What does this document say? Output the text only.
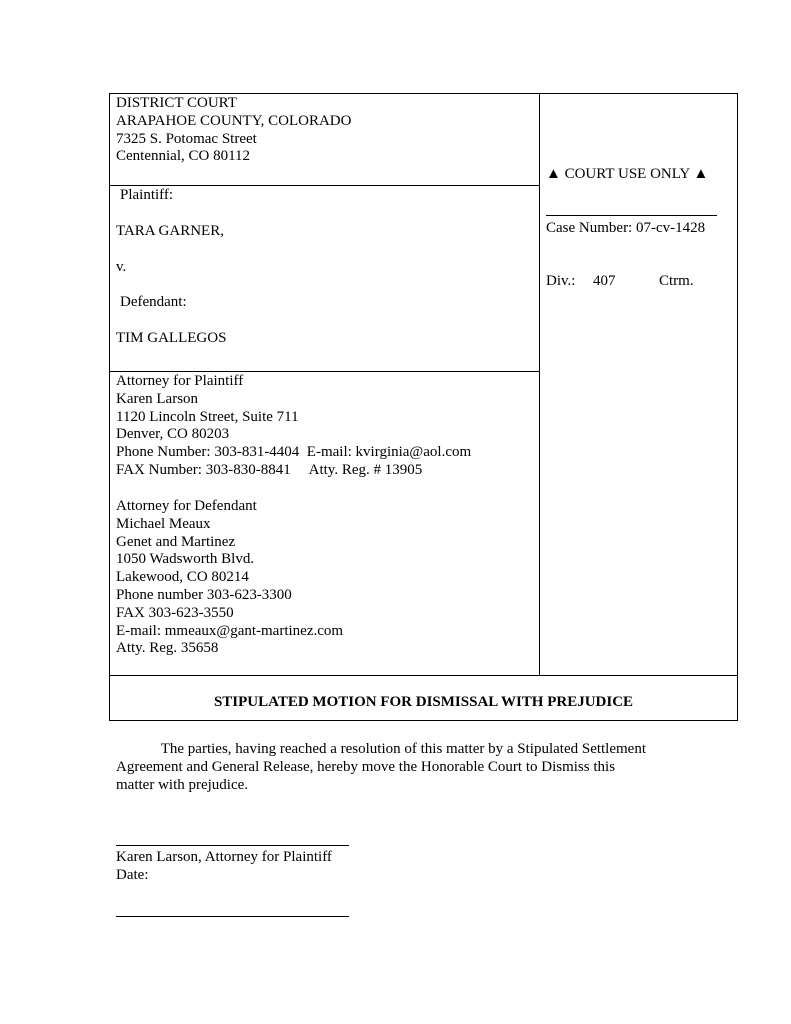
DISTRICT COURT
ARAPAHOE COUNTY, COLORADO
7325 S. Potomac Street
Centennial, CO 80112
▲ COURT USE ONLY ▲
Case Number: 07-cv-1428
Div.: 407	Ctrm.
Plaintiff:
TARA GARNER,
v.
Defendant:
TIM GALLEGOS
Attorney for Plaintiff
Karen Larson
1120 Lincoln Street, Suite 711
Denver, CO 80203
Phone Number: 303-831-4404  E-mail: kvirginia@aol.com
FAX Number: 303-830-8841     Atty. Reg. # 13905
Attorney for Defendant
Michael Meaux
Genet and Martinez
1050 Wadsworth Blvd.
Lakewood, CO 80214
Phone number 303-623-3300
FAX 303-623-3550
E-mail: mmeaux@gant-martinez.com
Atty. Reg. 35658
STIPULATED MOTION FOR DISMISSAL WITH PREJUDICE
The parties, having reached a resolution of this matter by a Stipulated Settlement
Agreement and General Release, hereby move the Honorable Court to Dismiss this
matter with prejudice.
Karen Larson, Attorney for Plaintiff
Date:
